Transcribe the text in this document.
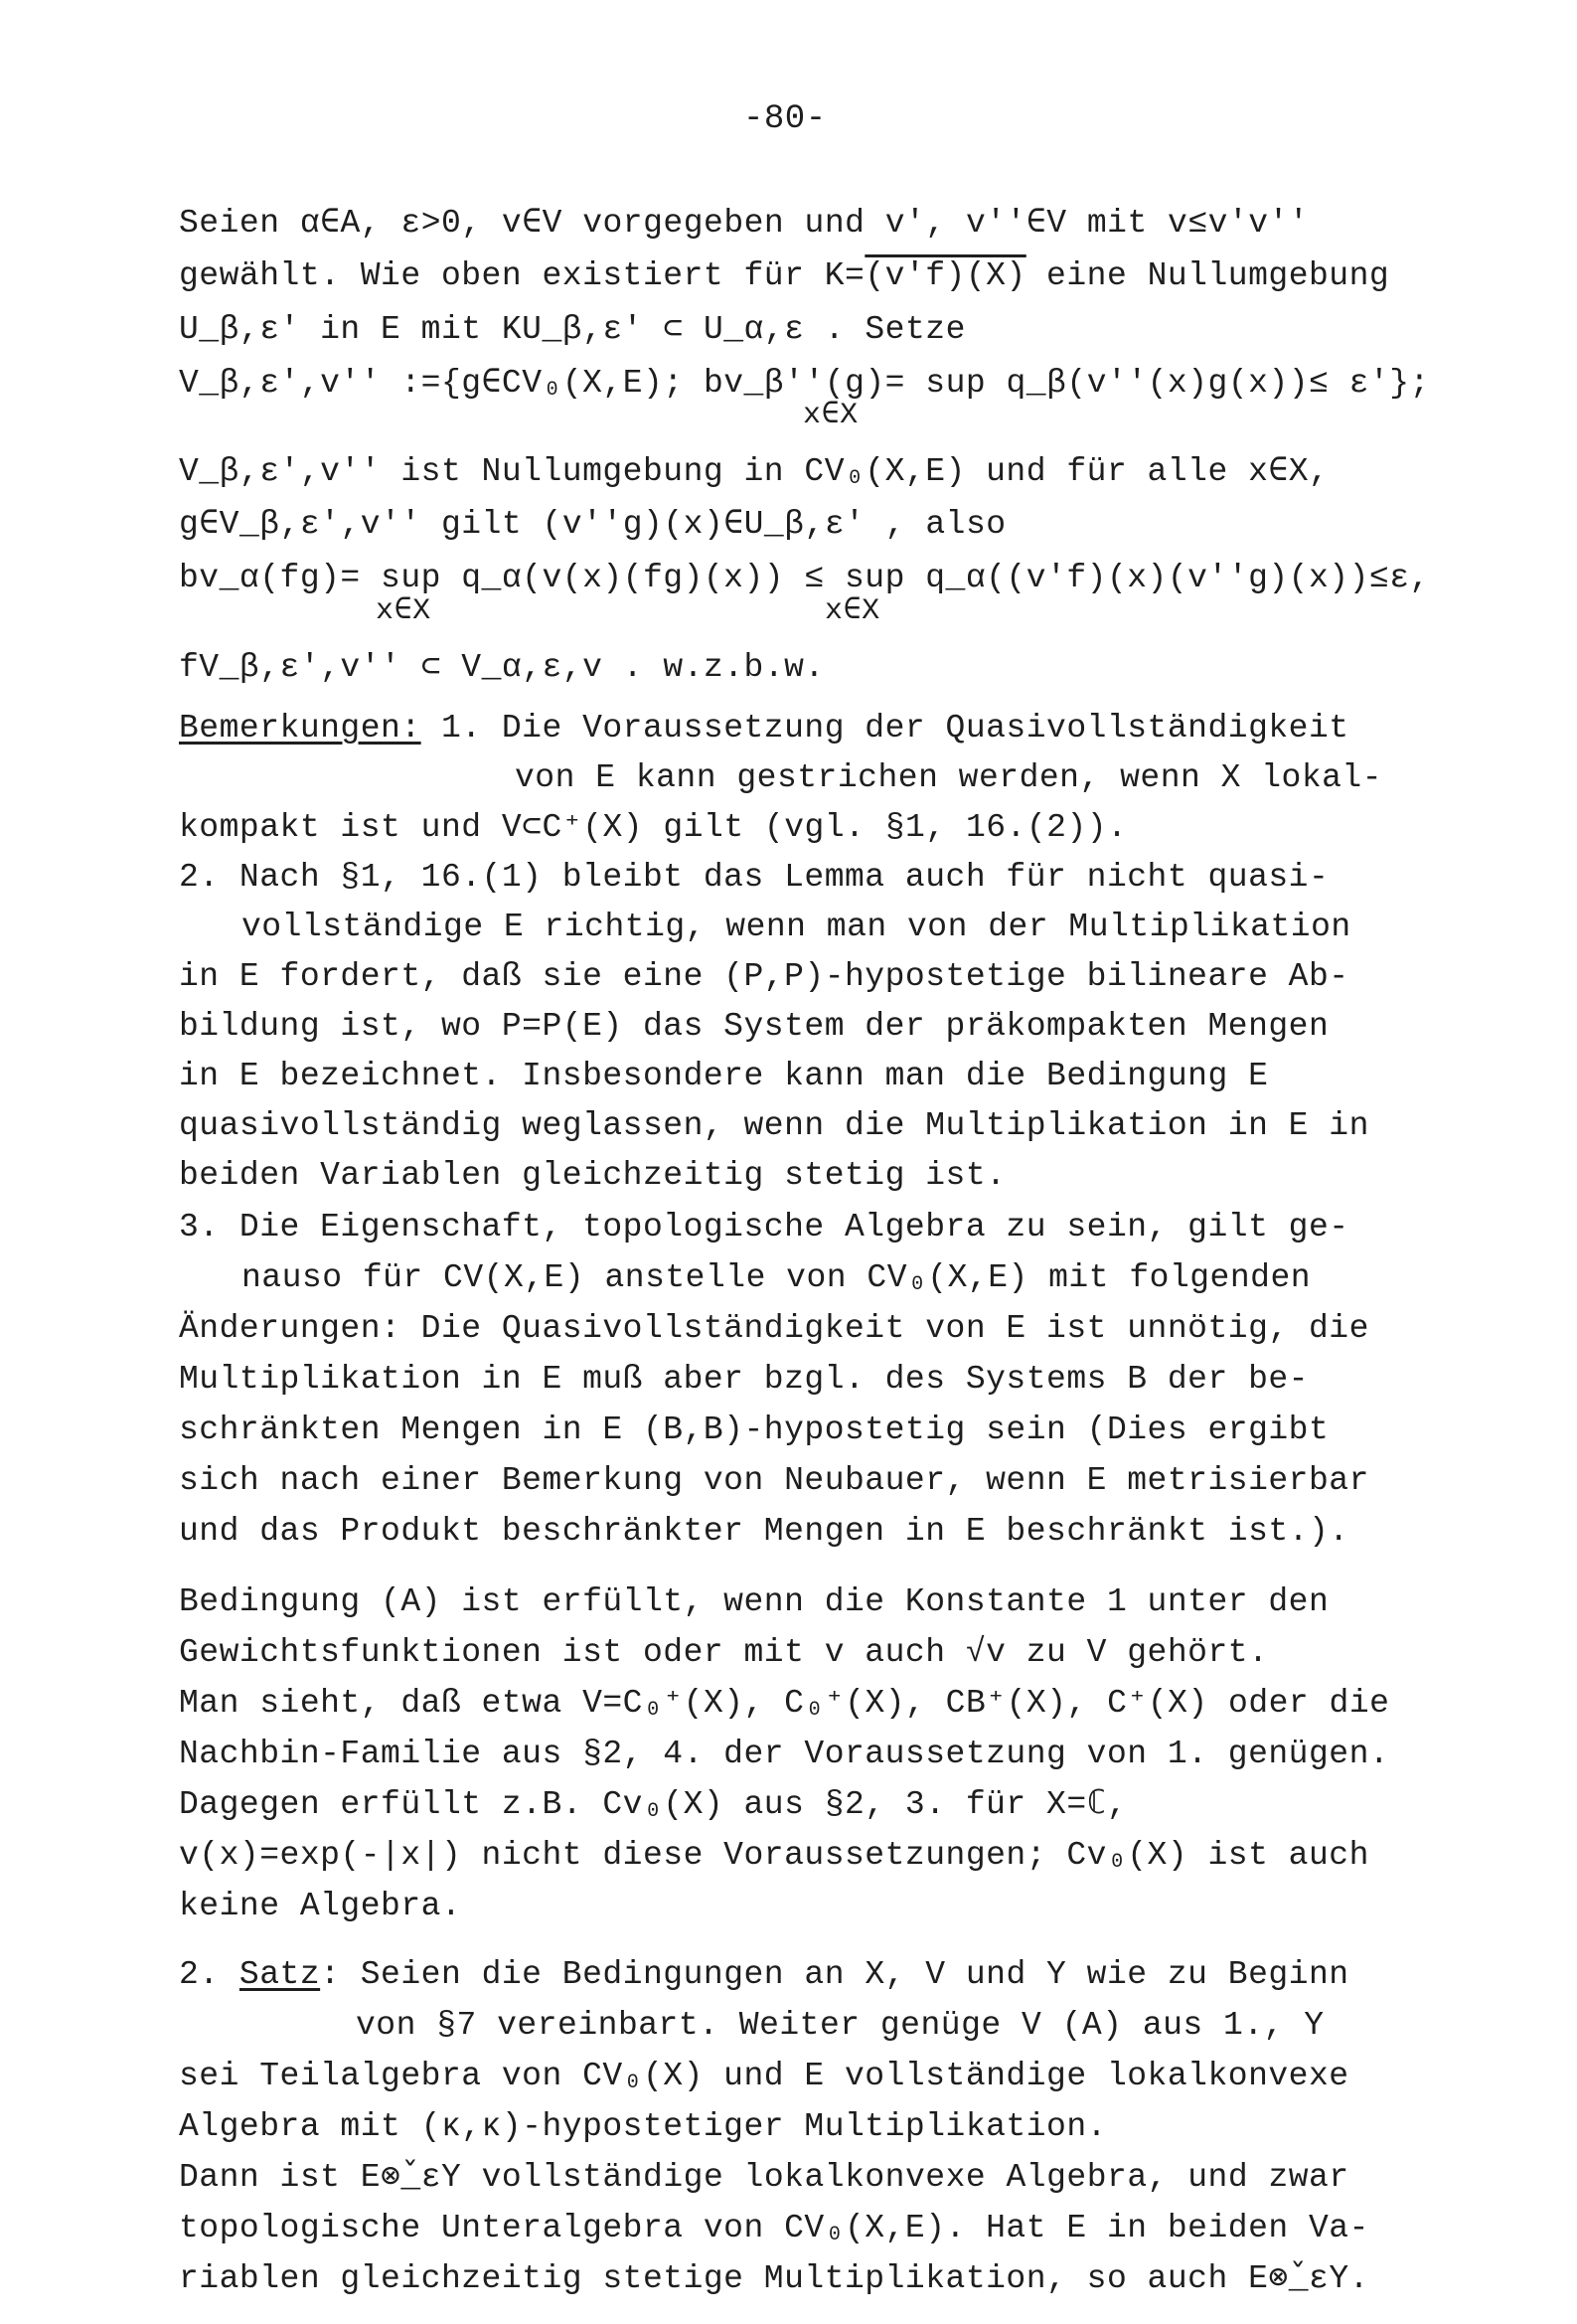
-80-
Seien α∈A, ε>0, v∈V vorgegeben und v', v''∈V mit v≤v'v''
gewählt. Wie oben existiert für K=(v'f)(X) eine Nullumgebung
U_β,ε' in E mit KU_β,ε' ⊂ U_α,ε . Setze
V_β,ε',v'' :={g∈CV₀(X,E); bv_β''(g)= sup q_β(v''(x)g(x))≤ ε'};
x∈X
V_β,ε',v'' ist Nullumgebung in CV₀(X,E) und für alle x∈X,
g∈V_β,ε',v'' gilt (v''g)(x)∈U_β,ε' , also
bv_α(fg)= sup q_α(v(x)(fg)(x)) ≤ sup q_α((v'f)(x)(v''g)(x))≤ε,
x∈X	x∈X
fV_β,ε',v'' ⊂ V_α,ε,v . w.z.b.w.
Bemerkungen: 1. Die Voraussetzung der Quasivollständigkeit
von E kann gestrichen werden, wenn X lokal-
kompakt ist und V⊂C⁺(X) gilt (vgl. §1, 16.(2)).
2. Nach §1, 16.(1) bleibt das Lemma auch für nicht quasi-
vollständige E richtig, wenn man von der Multiplikation
in E fordert, daß sie eine (P,P)-hypostetige bilineare Ab-
bildung ist, wo P=P(E) das System der präkompakten Mengen
in E bezeichnet. Insbesondere kann man die Bedingung E
quasivollständig weglassen, wenn die Multiplikation in E in
beiden Variablen gleichzeitig stetig ist.
3. Die Eigenschaft, topologische Algebra zu sein, gilt ge-
nauso für CV(X,E) anstelle von CV₀(X,E) mit folgenden
Änderungen: Die Quasivollständigkeit von E ist unnötig, die
Multiplikation in E muß aber bzgl. des Systems B der be-
schränkten Mengen in E (B,B)-hypostetig sein (Dies ergibt
sich nach einer Bemerkung von Neubauer, wenn E metrisierbar
und das Produkt beschränkter Mengen in E beschränkt ist.).
Bedingung (A) ist erfüllt, wenn die Konstante 1 unter den
Gewichtsfunktionen ist oder mit v auch √v zu V gehört.
Man sieht, daß etwa V=C₀⁺(X), C₀⁺(X), CB⁺(X), C⁺(X) oder die
Nachbin-Familie aus §2, 4. der Voraussetzung von 1. genügen.
Dagegen erfüllt z.B. Cv₀(X) aus §2, 3. für X=ℂ,
v(x)=exp(-|x|) nicht diese Voraussetzungen; Cv₀(X) ist auch
keine Algebra.
2. Satz: Seien die Bedingungen an X, V und Y wie zu Beginn
von §7 vereinbart. Weiter genüge V (A) aus 1., Y
sei Teilalgebra von CV₀(X) und E vollständige lokalkonvexe
Algebra mit (κ,κ)-hypostetiger Multiplikation.
Dann ist E⊗̌_εY vollständige lokalkonvexe Algebra, und zwar
topologische Unteralgebra von CV₀(X,E). Hat E in beiden Va-
riablen gleichzeitig stetige Multiplikation, so auch E⊗̌_εY.
